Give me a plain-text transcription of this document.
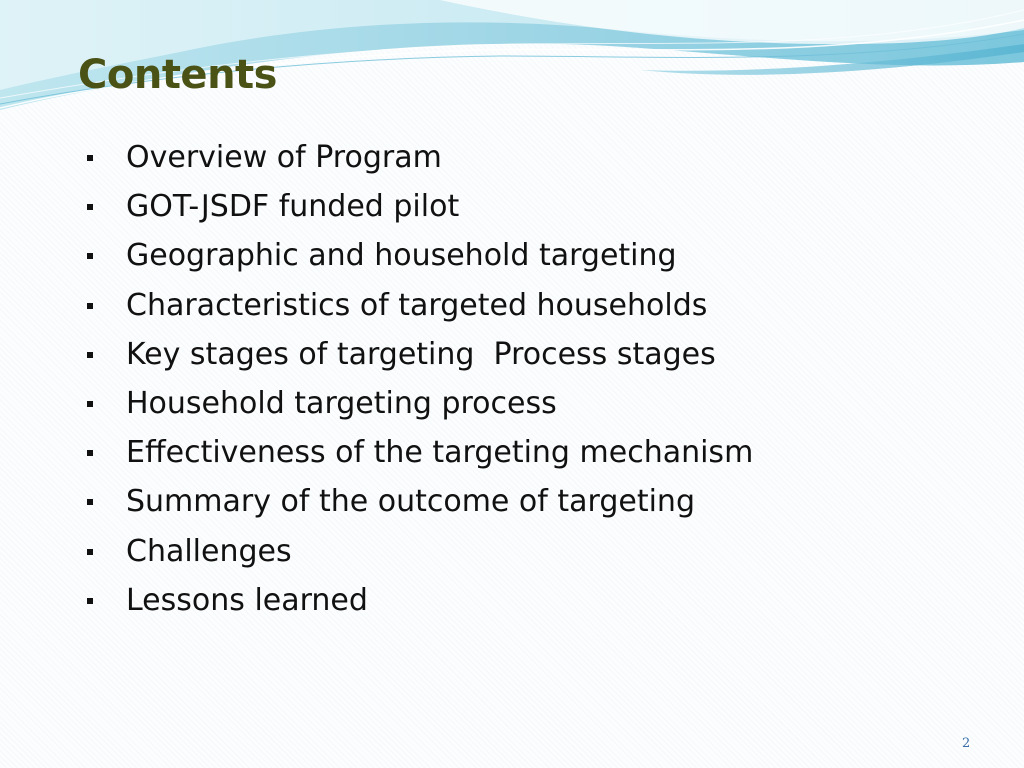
Contents

Overview of Program

GOT-JSDF funded pilot

Geographic and household targeting

Characteristics of targeted households

Key stages of targeting  Process stages

Household targeting process

Effectiveness of the targeting mechanism

Summary of the outcome of targeting

Challenges

Lessons learned

2
